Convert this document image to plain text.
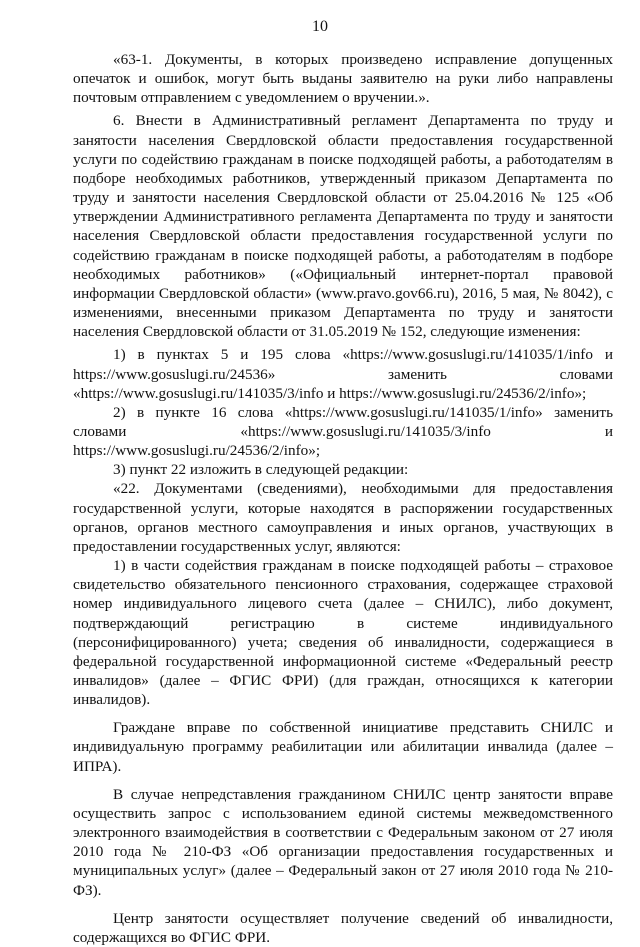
10

«63-1. Документы, в которых произведено исправление допущенных опечаток и ошибок, могут быть выданы заявителю на руки либо направлены почтовым отправлением с уведомлением о вручении.».

6. Внести в Административный регламент Департамента по труду и занятости населения Свердловской области предоставления государственной услуги по содействию гражданам в поиске подходящей работы, а работодателям в подборе необходимых работников, утвержденный приказом Департамента по труду и занятости населения Свердловской области от 25.04.2016 № 125 «Об утверждении Административного регламента Департамента по труду и занятости населения Свердловской области предоставления государственной услуги по содействию гражданам в поиске подходящей работы, а работодателям в подборе необходимых работников» («Официальный интернет-портал правовой информации Свердловской области» (www.pravo.gov66.ru), 2016, 5 мая, № 8042), с изменениями, внесенными приказом Департамента по труду и занятости населения Свердловской области от 31.05.2019 № 152, следующие изменения:

1) в пунктах 5 и 195 слова «https://www.gosuslugi.ru/141035/1/info и https://www.gosuslugi.ru/24536» заменить словами «https://www.gosuslugi.ru/141035/3/info и https://www.gosuslugi.ru/24536/2/info»;

2) в пункте 16 слова «https://www.gosuslugi.ru/141035/1/info» заменить словами «https://www.gosuslugi.ru/141035/3/info и https://www.gosuslugi.ru/24536/2/info»;

3) пункт 22 изложить в следующей редакции:

«22. Документами (сведениями), необходимыми для предоставления государственной услуги, которые находятся в распоряжении государственных органов, органов местного самоуправления и иных органов, участвующих в предоставлении государственных услуг, являются:

1) в части содействия гражданам в поиске подходящей работы – страховое свидетельство обязательного пенсионного страхования, содержащее страховой номер индивидуального лицевого счета (далее – СНИЛС), либо документ, подтверждающий регистрацию в системе индивидуального (персонифицированного) учета; сведения об инвалидности, содержащиеся в федеральной государственной информационной системе «Федеральный реестр инвалидов» (далее – ФГИС ФРИ) (для граждан, относящихся к категории инвалидов).

Граждане вправе по собственной инициативе представить СНИЛС и индивидуальную программу реабилитации или абилитации инвалида (далее – ИПРА).

В случае непредставления гражданином СНИЛС центр занятости вправе осуществить запрос с использованием единой системы межведомственного электронного взаимодействия в соответствии с Федеральным законом от 27 июля 2010 года № 210-ФЗ «Об организации предоставления государственных и муниципальных услуг» (далее – Федеральный закон от 27 июля 2010 года № 210-ФЗ).

Центр занятости осуществляет получение сведений об инвалидности, содержащихся во ФГИС ФРИ.
